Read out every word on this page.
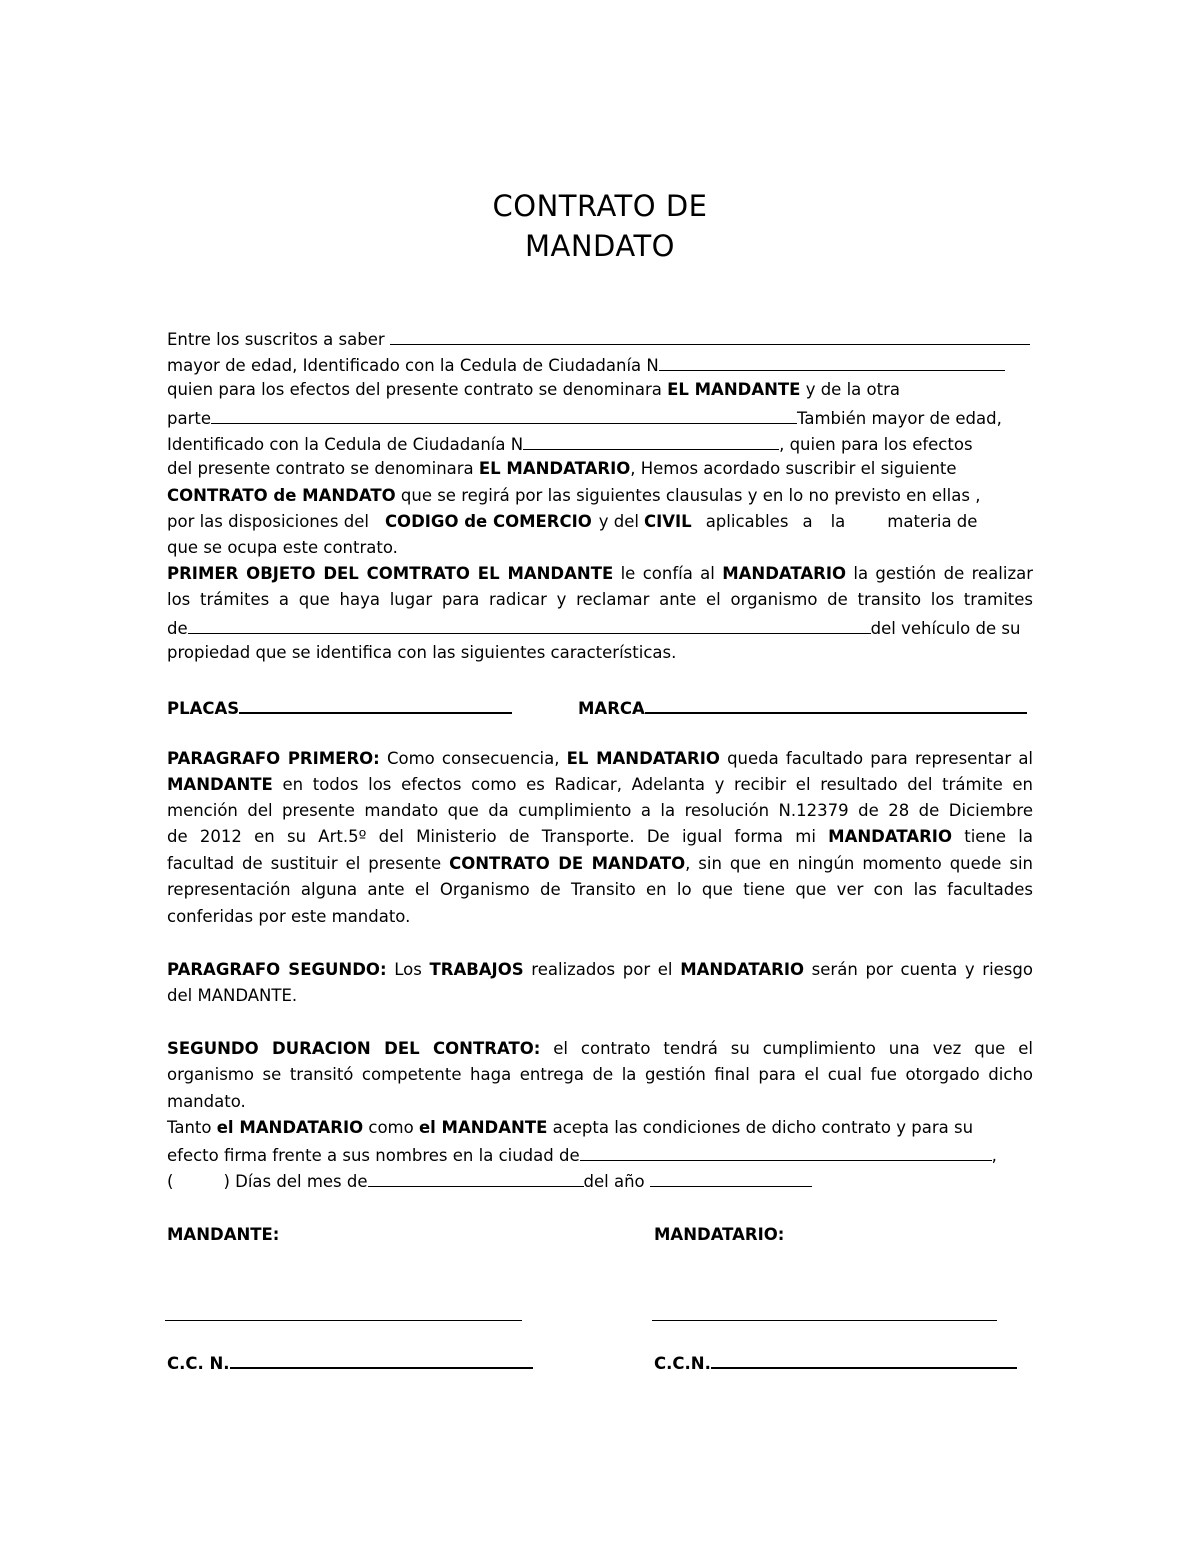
CONTRATO DE
MANDATO
Entre los suscritos a saber
mayor de edad, Identificado con la Cedula de Ciudadanía N
quien para los efectos del presente contrato se denominara EL MANDANTE y de la otra
parte	También mayor de edad,
Identificado con la Cedula de Ciudadanía N	, quien para los efectos
del presente contrato se denominara EL MANDATARIO, Hemos acordado suscribir el siguiente
CONTRATO de MANDATO que se regirá por las siguientes clausulas y en lo no previsto en ellas ,
por las disposiciones del CODIGO de COMERCIO y del CIVIL aplicables a la	materia de
que se ocupa este contrato.
PRIMER OBJETO DEL COMTRATO EL MANDANTE le confía al MANDATARIO la gestión de realizar
los trámites a que haya lugar para radicar y reclamar ante el organismo de transito los tramites
de	del vehículo de su
propiedad que se identifica con las siguientes características.
PLACAS	MARCA
PARAGRAFO PRIMERO: Como consecuencia, EL MANDATARIO queda facultado para representar al
MANDANTE en todos los efectos como es Radicar, Adelanta y recibir el resultado del trámite en
mención del presente mandato que da cumplimiento a la resolución N.12379 de 28 de Diciembre
de 2012 en su Art.5º del Ministerio de Transporte. De igual forma mi MANDATARIO tiene la
facultad de sustituir el presente CONTRATO DE MANDATO, sin que en ningún momento quede sin
representación alguna ante el Organismo de Transito en lo que tiene que ver con las facultades
conferidas por este mandato.
PARAGRAFO SEGUNDO: Los TRABAJOS realizados por el MANDATARIO serán por cuenta y riesgo
del MANDANTE.
SEGUNDO DURACION DEL CONTRATO: el contrato tendrá su cumplimiento una vez que el
organismo se transitó competente haga entrega de la gestión final para el cual fue otorgado dicho
mandato.
Tanto el MANDATARIO como el MANDANTE acepta las condiciones de dicho contrato y para su
efecto firma frente a sus nombres en la ciudad de	,
(	) Días del mes de	del año
MANDANTE:	MANDATARIO:
C.C. N.	C.C.N.
